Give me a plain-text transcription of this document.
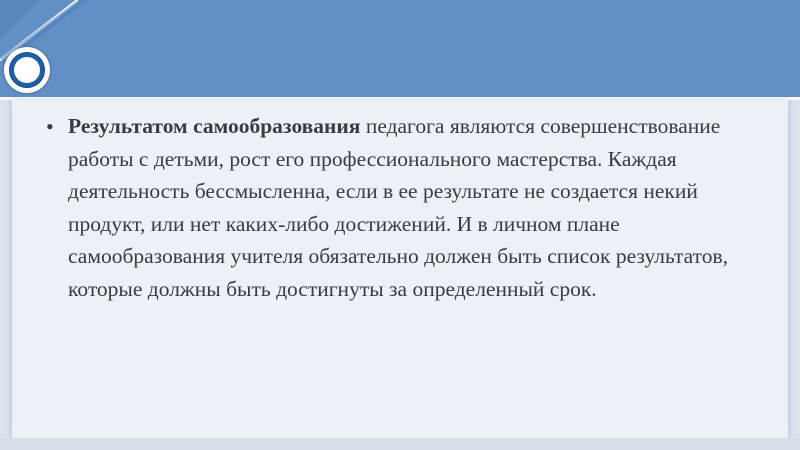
• Результатом самообразования педагога являются совершенствование работы с детьми, рост его профессионального мастерства. Каждая деятельность бессмысленна, если в ее результате не создается некий продукт, или нет каких-либо достижений. И в личном плане самообразования учителя обязательно должен быть список результатов, которые должны быть достигнуты за определенный срок.
